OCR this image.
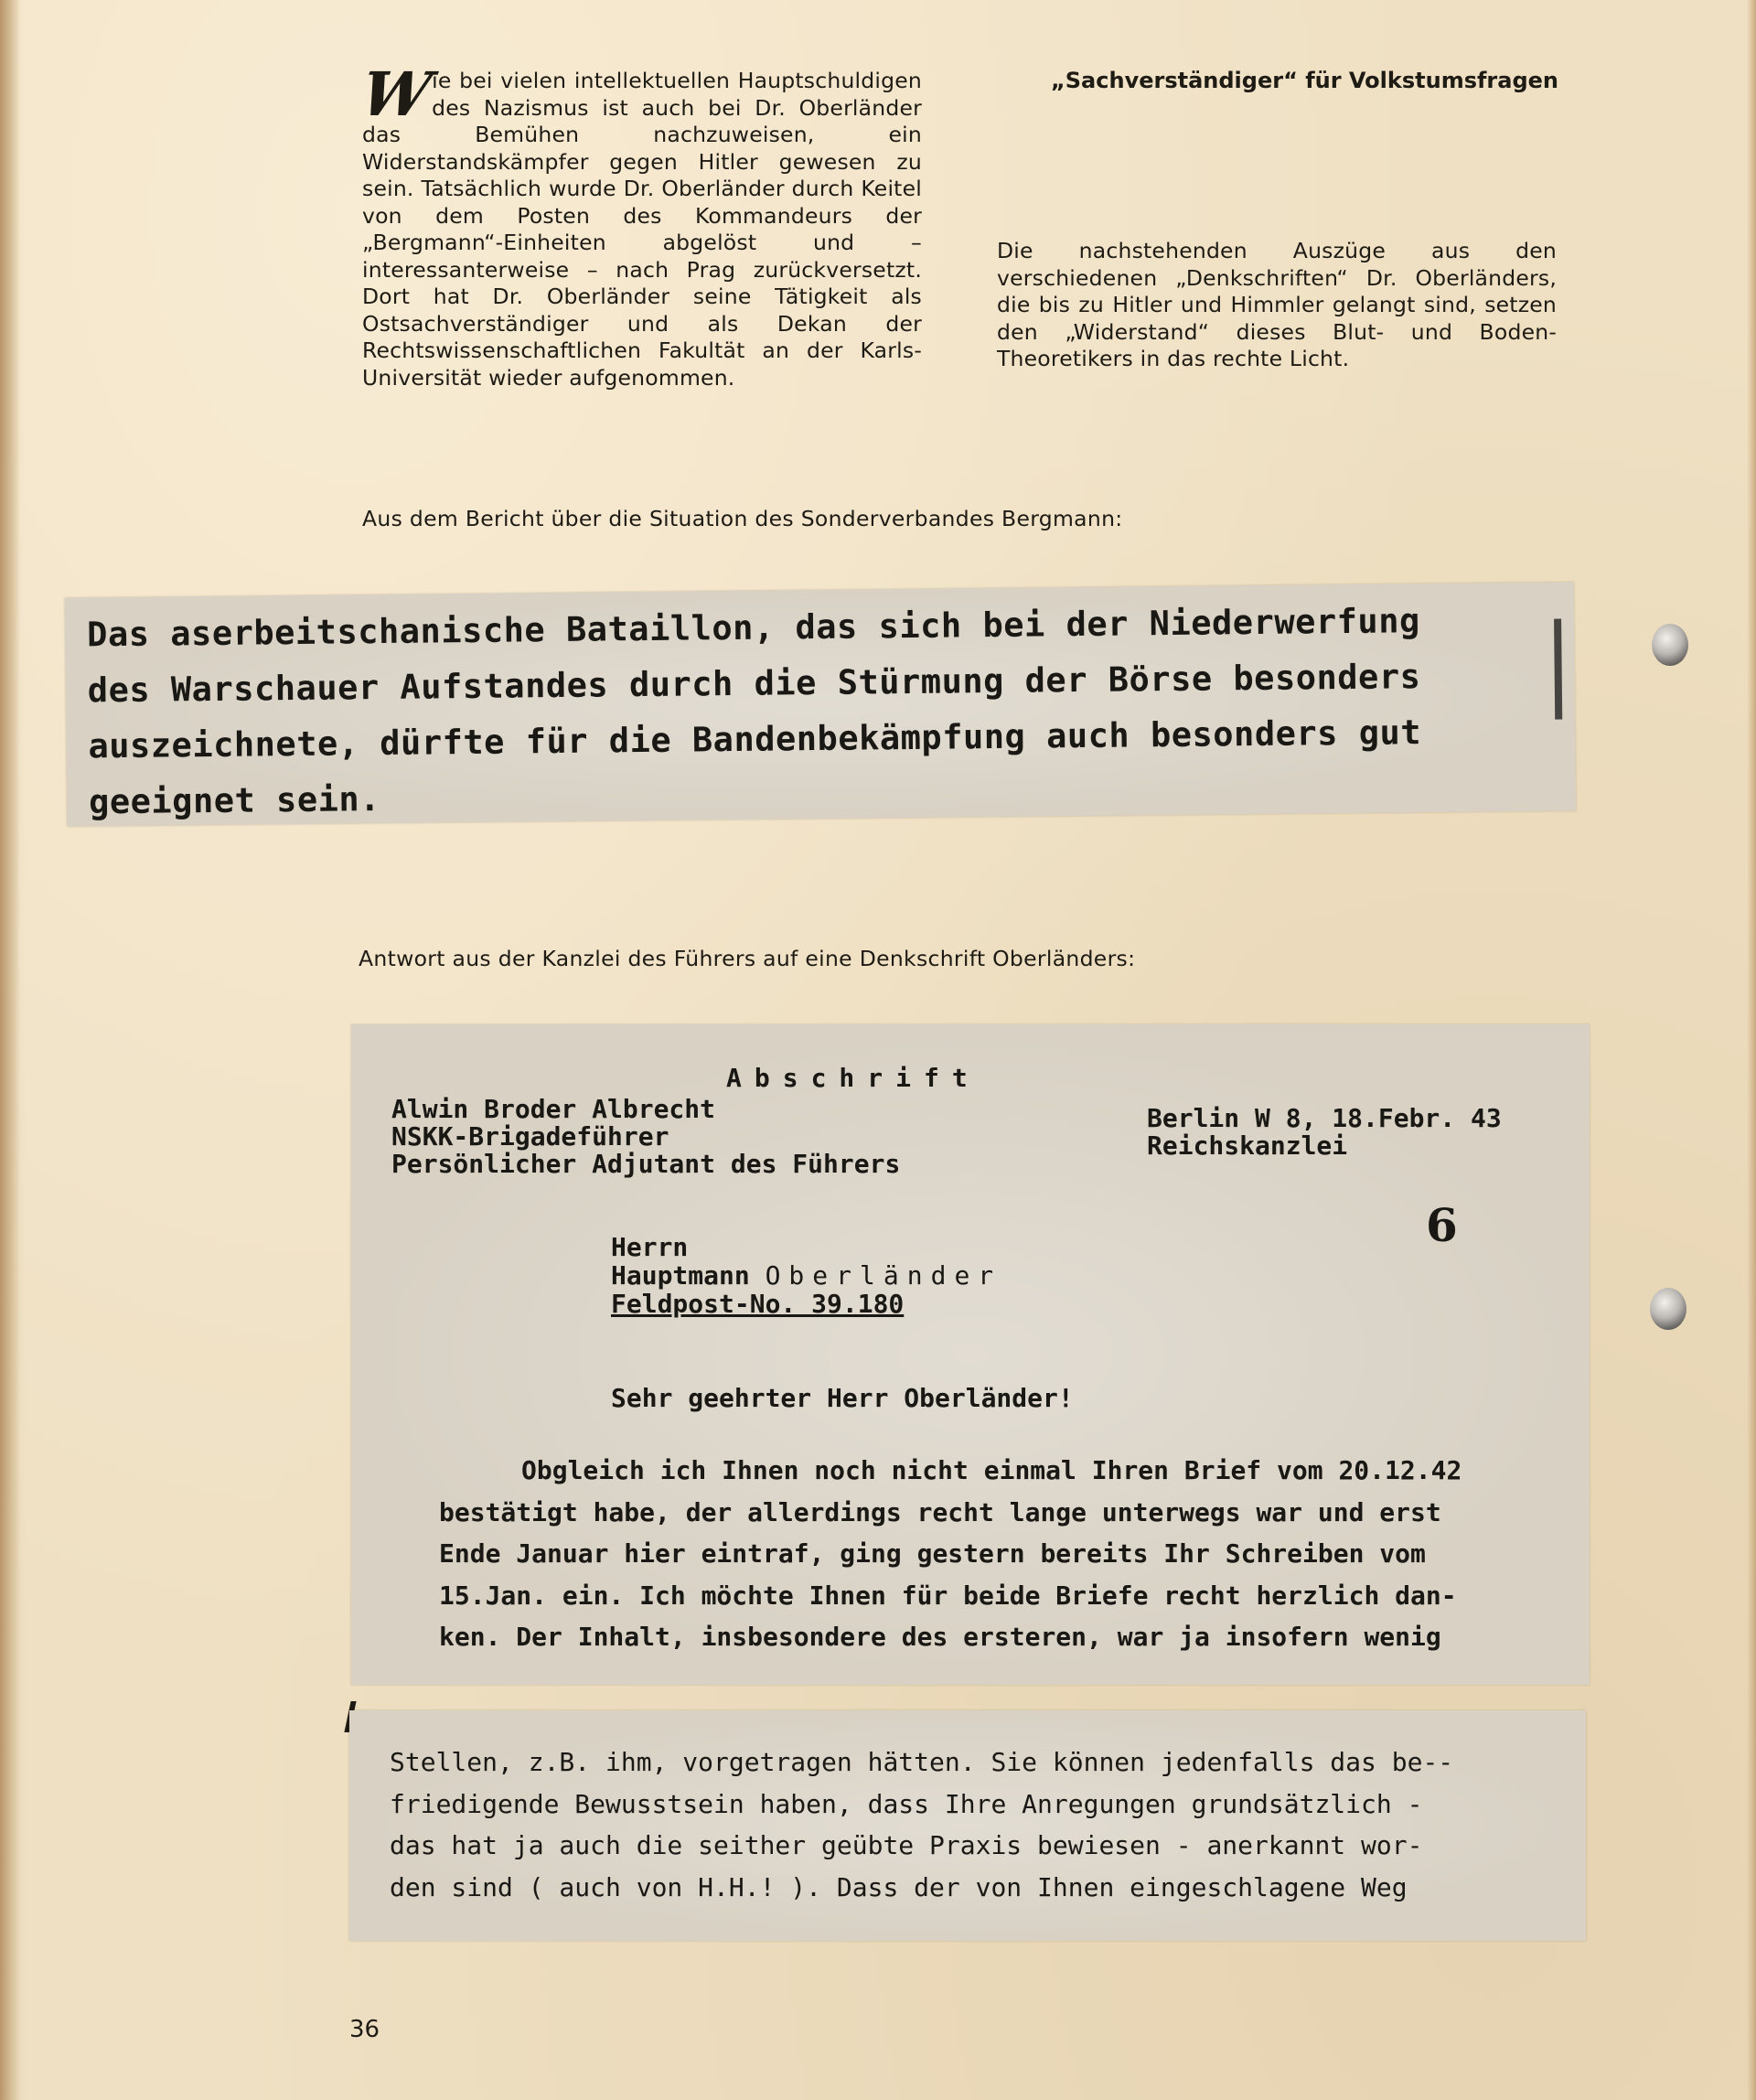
Wie bei vielen intellektuellen Hauptschuldigen des Nazismus ist auch bei Dr. Oberländer das Bemühen nachzuweisen, ein Widerstandskämpfer gegen Hitler gewesen zu sein. Tatsächlich wurde Dr. Oberländer durch Keitel von dem Posten des Kommandeurs der „Bergmann“-Einheiten abgelöst und – interessanterweise – nach Prag zurückversetzt. Dort hat Dr. Oberländer seine Tätigkeit als Ostsachverständiger und als Dekan der Rechtswissenschaftlichen Fakultät an der Karls-Universität wieder aufgenommen.
„Sachverständiger“ für Volkstumsfragen
Die nachstehenden Auszüge aus den verschiedenen „Denkschriften“ Dr. Oberländers, die bis zu Hitler und Himmler gelangt sind, setzen den „Widerstand“ dieses Blut- und Boden-Theoretikers in das rechte Licht.
Aus dem Bericht über die Situation des Sonderverbandes Bergmann:
Das aserbeitschanische Bataillon, das sich bei der Niederwerfung
des Warschauer Aufstandes durch die Stürmung der Börse besonders
auszeichnete, dürfte für die Bandenbekämpfung auch besonders gut
geeignet sein.
Antwort aus der Kanzlei des Führers auf eine Denkschrift Oberländers:
Abschrift
Alwin Broder Albrecht
NSKK-Brigadeführer
Persönlicher Adjutant des Führers
Berlin W 8, 18.Febr. 43
Reichskanzlei
6
Herrn
Hauptmann Oberländer
Feldpost-No. 39.180
Sehr geehrter Herr Oberländer!
Obgleich ich Ihnen noch nicht einmal Ihren Brief vom 20.12.42
bestätigt habe, der allerdings recht lange unterwegs war und erst
Ende Januar hier eintraf, ging gestern bereits Ihr Schreiben vom
15.Jan. ein. Ich möchte Ihnen für beide Briefe recht herzlich dan-
ken. Der Inhalt, insbesondere des ersteren, war ja insofern wenig
Stellen, z.B. ihm, vorgetragen hätten. Sie können jedenfalls das be--
friedigende Bewusstsein haben, dass Ihre Anregungen grundsätzlich -
das hat ja auch die seither geübte Praxis bewiesen - anerkannt wor-
den sind ( auch von H.H.! ). Dass der von Ihnen eingeschlagene Weg
36
